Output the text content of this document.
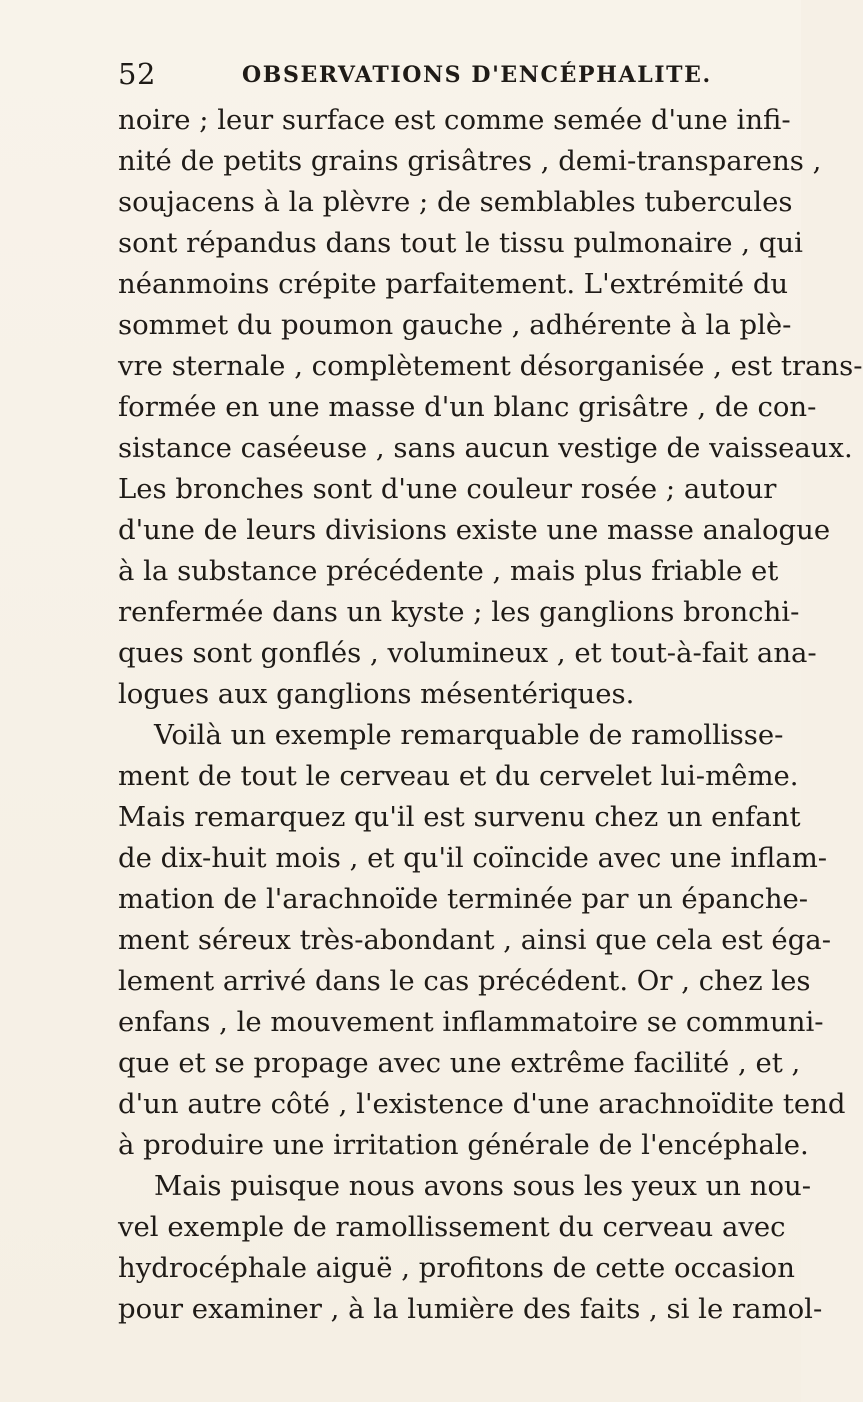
52	OBSERVATIONS D'ENCÉPHALITE.
noire ; leur surface est comme semée d'une infi-
nité de petits grains grisâtres , demi-transparens ,
soujacens à la plèvre ; de semblables tubercules
sont répandus dans tout le tissu pulmonaire , qui
néanmoins crépite parfaitement. L'extrémité du
sommet du poumon gauche , adhérente à la plè-
vre sternale , complètement désorganisée , est trans-
formée en une masse d'un blanc grisâtre , de con-
sistance caséeuse , sans aucun vestige de vaisseaux.
Les bronches sont d'une couleur rosée ; autour
d'une de leurs divisions existe une masse analogue
à la substance précédente , mais plus friable et
renfermée dans un kyste ; les ganglions bronchi-
ques sont gonflés , volumineux , et tout-à-fait ana-
logues aux ganglions mésentériques.
Voilà un exemple remarquable de ramollisse-
ment de tout le cerveau et du cervelet lui-même.
Mais remarquez qu'il est survenu chez un enfant
de dix-huit mois , et qu'il coïncide avec une inflam-
mation de l'arachnoïde terminée par un épanche-
ment séreux très-abondant , ainsi que cela est éga-
lement arrivé dans le cas précédent. Or , chez les
enfans , le mouvement inflammatoire se communi-
que et se propage avec une extrême facilité , et ,
d'un autre côté , l'existence d'une arachnoïdite tend
à produire une irritation générale de l'encéphale.
Mais puisque nous avons sous les yeux un nou-
vel exemple de ramollissement du cerveau avec
hydrocéphale aiguë , profitons de cette occasion
pour examiner , à la lumière des faits , si le ramol-
